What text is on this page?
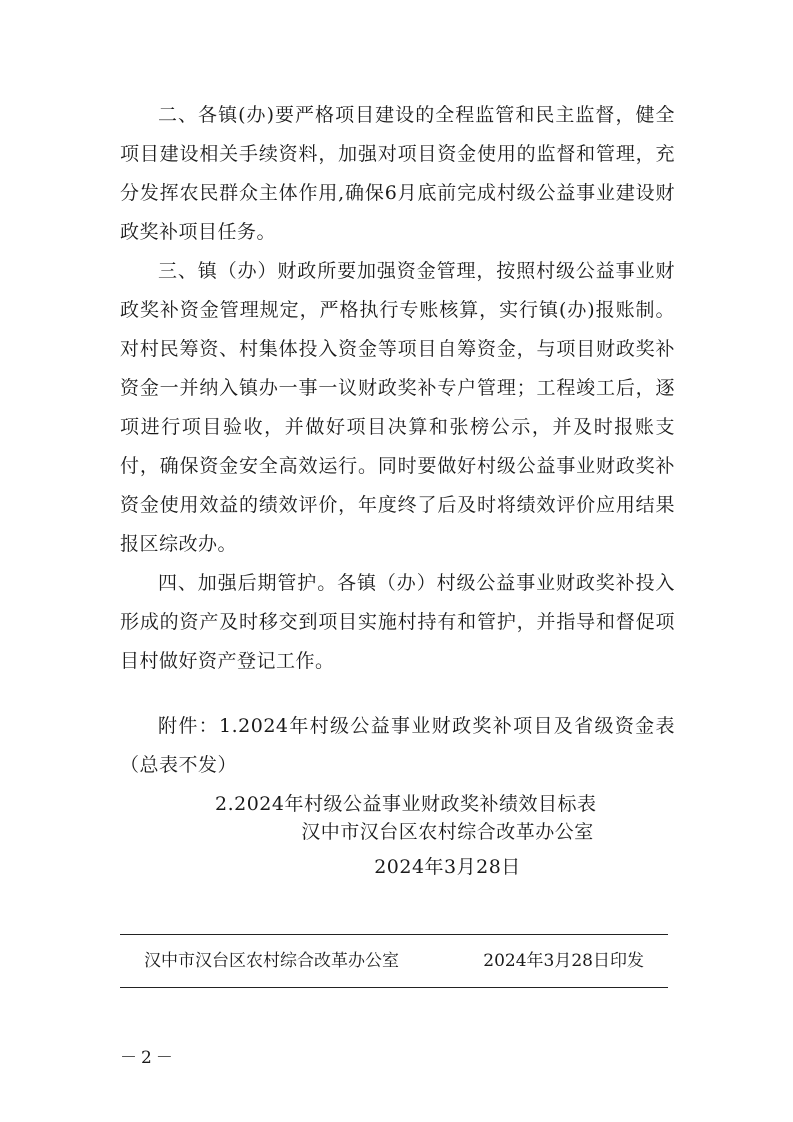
二、各镇(办)要严格项目建设的全程监管和民主监督，健全项目建设相关手续资料，加强对项目资金使用的监督和管理，充分发挥农民群众主体作用,确保6月底前完成村级公益事业建设财政奖补项目任务。

三、镇（办）财政所要加强资金管理，按照村级公益事业财政奖补资金管理规定，严格执行专账核算，实行镇(办)报账制。对村民筹资、村集体投入资金等项目自筹资金，与项目财政奖补资金一并纳入镇办一事一议财政奖补专户管理；工程竣工后，逐项进行项目验收，并做好项目决算和张榜公示，并及时报账支付，确保资金安全高效运行。同时要做好村级公益事业财政奖补资金使用效益的绩效评价，年度终了后及时将绩效评价应用结果报区综改办。

四、加强后期管护。各镇（办）村级公益事业财政奖补投入形成的资产及时移交到项目实施村持有和管护，并指导和督促项目村做好资产登记工作。

附件：1.2024年村级公益事业财政奖补项目及省级资金表（总表不发）

2.2024年村级公益事业财政奖补绩效目标表

汉中市汉台区农村综合改革办公室
2024年3月28日
汉中市汉台区农村综合改革办公室	2024年3月28日印发
－2－
